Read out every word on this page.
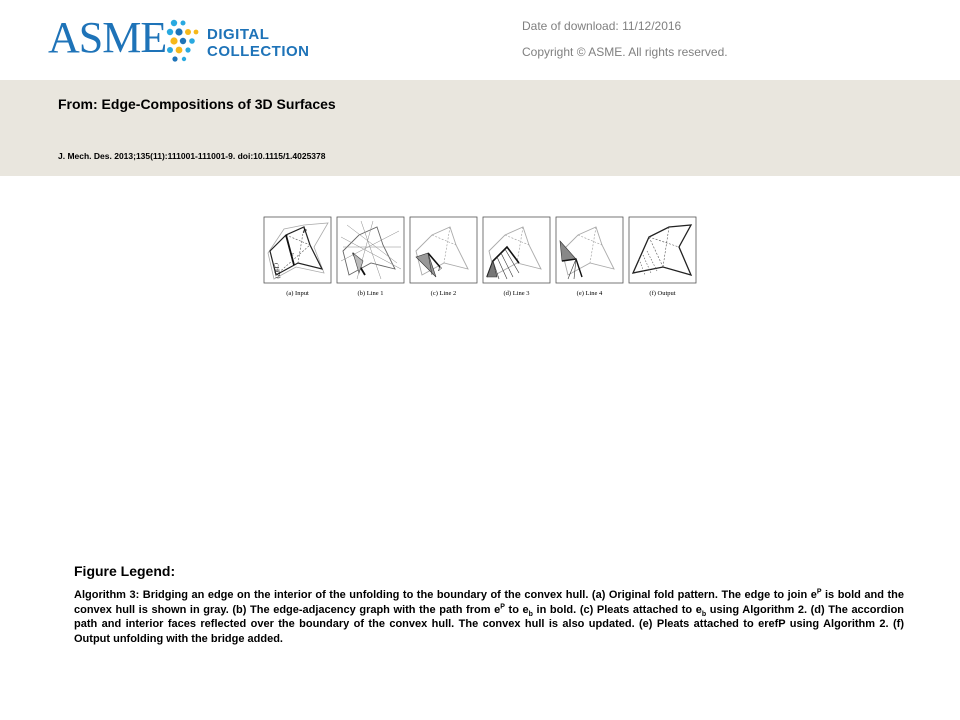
ASME	DIGITAL
COLLECTION
Date of download: 11/12/2016
Copyright © ASME. All rights reserved.
From: Edge-Compositions of 3D Surfaces
J. Mech. Des. 2013;135(11):111001-111001-9. doi:10.1115/1.4025378
P
e
CH(P)
(a) Input	(b) Line 1
P
(c) Line 2	(d) Line 3	(e) Line 4	(f) Output
Figure Legend:
Algorithm 3: Bridging an edge on the interior of the unfolding to the boundary of the convex hull. (a) Original fold pattern. The edge to join $e^P$ is bold and the convex hull is shown in gray. (b) The edge-adjacency graph with the path from $e^P$ to $e_b$ in bold. (c) Pleats attached to $e_b$ using Algorithm 2. (d) The accordion path and interior faces reflected over the boundary of the convex hull. The convex hull is also updated. (e) Pleats attached to erefP using Algorithm 2. (f) Output unfolding with the bridge added.
